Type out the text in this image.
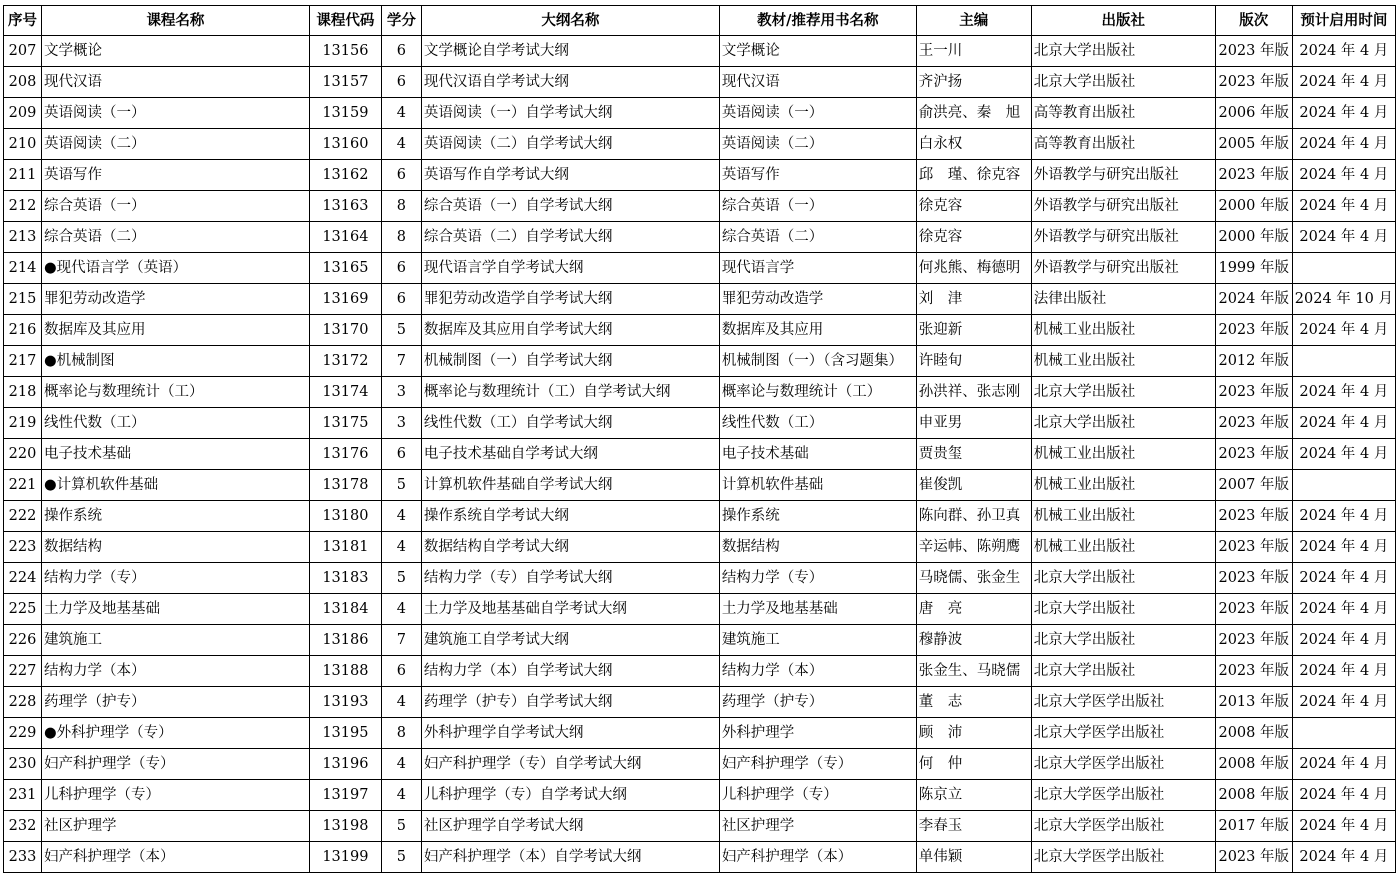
序号	课程名称	课程代码	学分	大纲名称	教材/推荐用书名称	主编	出版社	版次	预计启用时间
207	文学概论	13156	6	文学概论自学考试大纲	文学概论	王一川	北京大学出版社	2023 年版	2024 年 4 月
208	现代汉语	13157	6	现代汉语自学考试大纲	现代汉语	齐沪扬	北京大学出版社	2023 年版	2024 年 4 月
209	英语阅读（一）	13159	4	英语阅读（一）自学考试大纲	英语阅读（一）	俞洪亮、秦　旭	高等教育出版社	2006 年版	2024 年 4 月
210	英语阅读（二）	13160	4	英语阅读（二）自学考试大纲	英语阅读（二）	白永权	高等教育出版社	2005 年版	2024 年 4 月
211	英语写作	13162	6	英语写作自学考试大纲	英语写作	邱　瑾、徐克容	外语教学与研究出版社	2023 年版	2024 年 4 月
212	综合英语（一）	13163	8	综合英语（一）自学考试大纲	综合英语（一）	徐克容	外语教学与研究出版社	2000 年版	2024 年 4 月
213	综合英语（二）	13164	8	综合英语（二）自学考试大纲	综合英语（二）	徐克容	外语教学与研究出版社	2000 年版	2024 年 4 月
214	●现代语言学（英语）	13165	6	现代语言学自学考试大纲	现代语言学	何兆熊、梅德明	外语教学与研究出版社	1999 年版	
215	罪犯劳动改造学	13169	6	罪犯劳动改造学自学考试大纲	罪犯劳动改造学	刘　津	法律出版社	2024 年版	2024 年 10 月
216	数据库及其应用	13170	5	数据库及其应用自学考试大纲	数据库及其应用	张迎新	机械工业出版社	2023 年版	2024 年 4 月
217	●机械制图	13172	7	机械制图（一）自学考试大纲	机械制图（一）（含习题集）	许睦旬	机械工业出版社	2012 年版	
218	概率论与数理统计（工）	13174	3	概率论与数理统计（工）自学考试大纲	概率论与数理统计（工）	孙洪祥、张志刚	北京大学出版社	2023 年版	2024 年 4 月
219	线性代数（工）	13175	3	线性代数（工）自学考试大纲	线性代数（工）	申亚男	北京大学出版社	2023 年版	2024 年 4 月
220	电子技术基础	13176	6	电子技术基础自学考试大纲	电子技术基础	贾贵玺	机械工业出版社	2023 年版	2024 年 4 月
221	●计算机软件基础	13178	5	计算机软件基础自学考试大纲	计算机软件基础	崔俊凯	机械工业出版社	2007 年版	
222	操作系统	13180	4	操作系统自学考试大纲	操作系统	陈向群、孙卫真	机械工业出版社	2023 年版	2024 年 4 月
223	数据结构	13181	4	数据结构自学考试大纲	数据结构	辛运帏、陈朔鹰	机械工业出版社	2023 年版	2024 年 4 月
224	结构力学（专）	13183	5	结构力学（专）自学考试大纲	结构力学（专）	马晓儒、张金生	北京大学出版社	2023 年版	2024 年 4 月
225	土力学及地基基础	13184	4	土力学及地基基础自学考试大纲	土力学及地基基础	唐　亮	北京大学出版社	2023 年版	2024 年 4 月
226	建筑施工	13186	7	建筑施工自学考试大纲	建筑施工	穆静波	北京大学出版社	2023 年版	2024 年 4 月
227	结构力学（本）	13188	6	结构力学（本）自学考试大纲	结构力学（本）	张金生、马晓儒	北京大学出版社	2023 年版	2024 年 4 月
228	药理学（护专）	13193	4	药理学（护专）自学考试大纲	药理学（护专）	董　志	北京大学医学出版社	2013 年版	2024 年 4 月
229	●外科护理学（专）	13195	8	外科护理学自学考试大纲	外科护理学	顾　沛	北京大学医学出版社	2008 年版	
230	妇产科护理学（专）	13196	4	妇产科护理学（专）自学考试大纲	妇产科护理学（专）	何　仲	北京大学医学出版社	2008 年版	2024 年 4 月
231	儿科护理学（专）	13197	4	儿科护理学（专）自学考试大纲	儿科护理学（专）	陈京立	北京大学医学出版社	2008 年版	2024 年 4 月
232	社区护理学	13198	5	社区护理学自学考试大纲	社区护理学	李春玉	北京大学医学出版社	2017 年版	2024 年 4 月
233	妇产科护理学（本）	13199	5	妇产科护理学（本）自学考试大纲	妇产科护理学（本）	单伟颖	北京大学医学出版社	2023 年版	2024 年 4 月
